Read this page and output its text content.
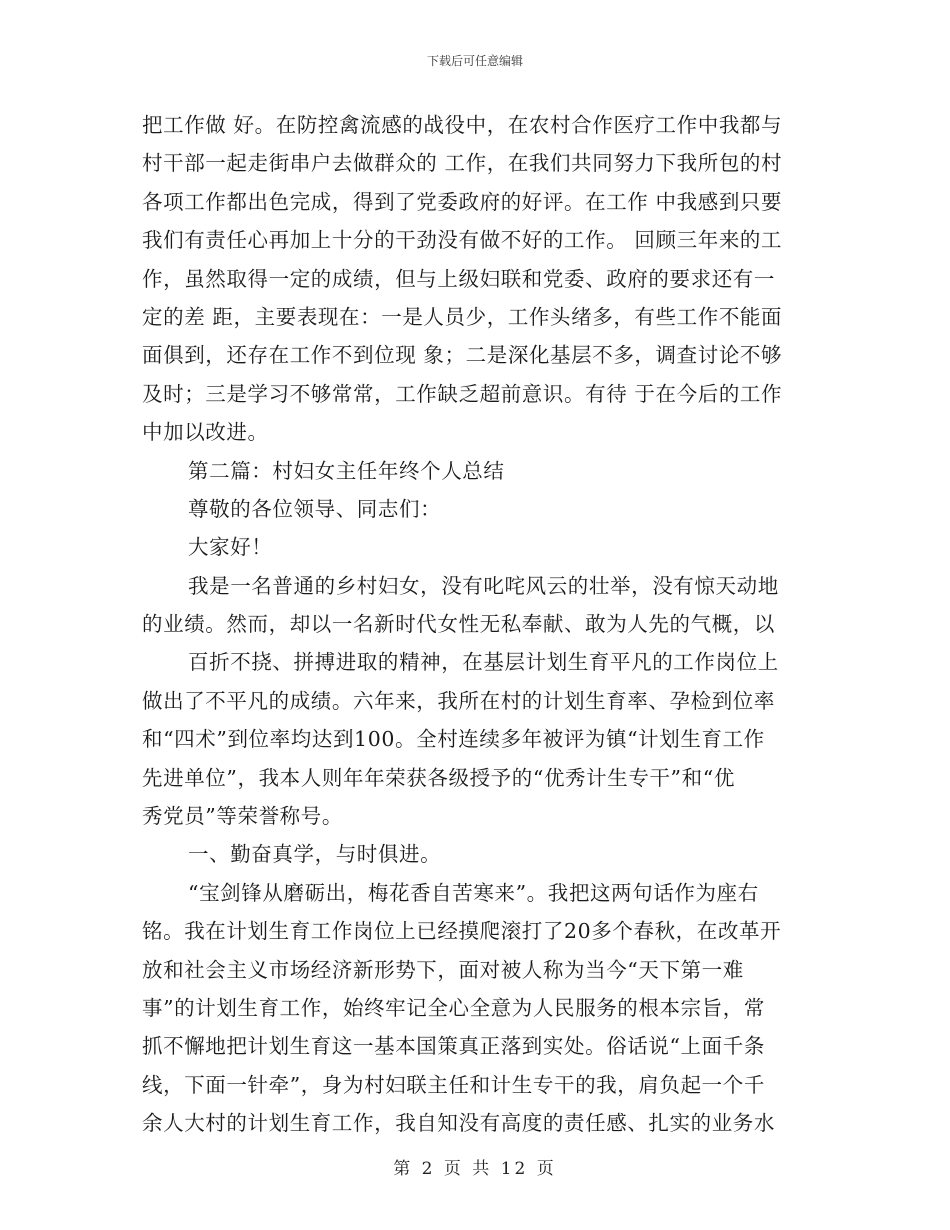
下载后可任意编辑
把工作做 好。在防控禽流感的战役中，在农村合作医疗工作中我都与
村干部一起走街串户去做群众的 工作，在我们共同努力下我所包的村
各项工作都出色完成，得到了党委政府的好评。在工作 中我感到只要
我们有责任心再加上十分的干劲没有做不好的工作。 回顾三年来的工
作，虽然取得一定的成绩，但与上级妇联和党委、政府的要求还有一
定的差 距，主要表现在：一是人员少，工作头绪多，有些工作不能面
面俱到，还存在工作不到位现 象；二是深化基层不多，调查讨论不够
及时；三是学习不够常常，工作缺乏超前意识。有待 于在今后的工作
中加以改进。
第二篇：村妇女主任年终个人总结
尊敬的各位领导、同志们：
大家好！
我是一名普通的乡村妇女，没有叱咤风云的壮举，没有惊天动地
的业绩。然而，却以一名新时代女性无私奉献、敢为人先的气概，以
百折不挠、拼搏进取的精神，在基层计划生育平凡的工作岗位上
做出了不平凡的成绩。六年来，我所在村的计划生育率、孕检到位率
和“四术”到位率均达到100。全村连续多年被评为镇“计划生育工作
先进单位”，我本人则年年荣获各级授予的“优秀计生专干”和“优
秀党员”等荣誉称号。
一、勤奋真学，与时俱进。
“宝剑锋从磨砺出，梅花香自苦寒来”。我把这两句话作为座右
铭。我在计划生育工作岗位上已经摸爬滚打了20多个春秋，在改革开
放和社会主义市场经济新形势下，面对被人称为当今“天下第一难
事”的计划生育工作，始终牢记全心全意为人民服务的根本宗旨，常
抓不懈地把计划生育这一基本国策真正落到实处。俗话说“上面千条
线，下面一针牵”，身为村妇联主任和计生专干的我，肩负起一个千
余人大村的计划生育工作，我自知没有高度的责任感、扎实的业务水
第 2 页 共 12 页
